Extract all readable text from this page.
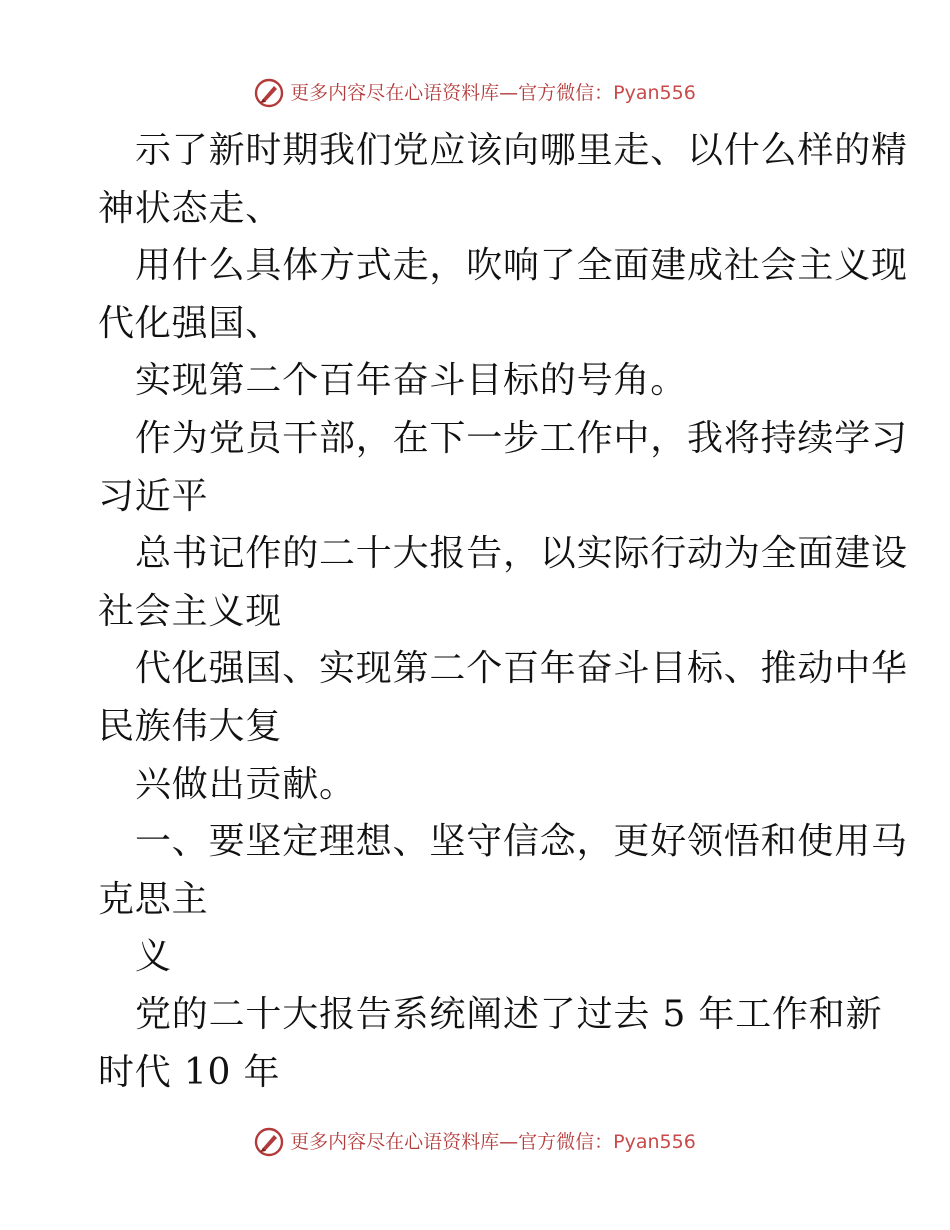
更多内容尽在心语资料库—官方微信：Pyan556
示了新时期我们党应该向哪里走、以什么样的精
神状态走、
用什么具体方式走，吹响了全面建成社会主义现
代化强国、
实现第二个百年奋斗目标的号角。
作为党员干部，在下一步工作中，我将持续学习
习近平
总书记作的二十大报告，以实际行动为全面建设
社会主义现
代化强国、实现第二个百年奋斗目标、推动中华
民族伟大复
兴做出贡献。
一、要坚定理想、坚守信念，更好领悟和使用马
克思主
义
党的二十大报告系统阐述了过去 5 年工作和新
时代 10 年
更多内容尽在心语资料库—官方微信：Pyan556
